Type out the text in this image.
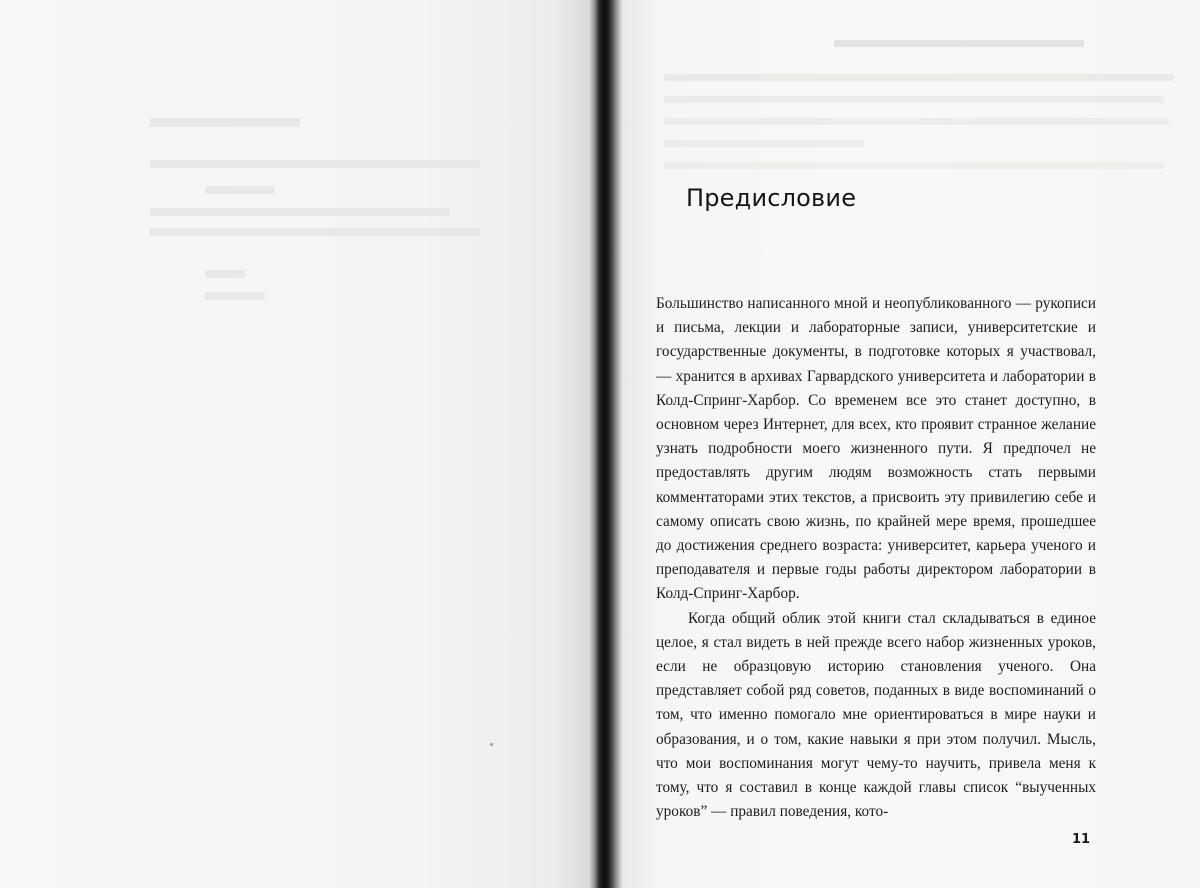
Предисловие

Большинство написанного мной и неопубликованного — рукописи и письма, лекции и лабораторные записи, университетские и государственные документы, в подготовке которых я участвовал, — хранится в архивах Гарвардского университета и лаборатории в Колд-Спринг-Харбор. Со временем все это станет доступно, в основном через Интернет, для всех, кто проявит странное желание узнать подробности моего жизненного пути. Я предпочел не предоставлять другим людям возможность стать первыми комментаторами этих текстов, а присвоить эту привилегию себе и самому описать свою жизнь, по крайней мере время, прошедшее до достижения среднего возраста: университет, карьера ученого и преподавателя и первые годы работы директором лаборатории в Колд-Спринг-Харбор.

Когда общий облик этой книги стал складываться в единое целое, я стал видеть в ней прежде всего набор жизненных уроков, если не образцовую историю становления ученого. Она представляет собой ряд советов, поданных в виде воспоминаний о том, что именно помогало мне ориентироваться в мире науки и образования, и о том, какие навыки я при этом получил. Мысль, что мои воспоминания могут чему-то научить, привела меня к тому, что я составил в конце каждой главы список “выученных уроков” — правил поведения, кото-

11
